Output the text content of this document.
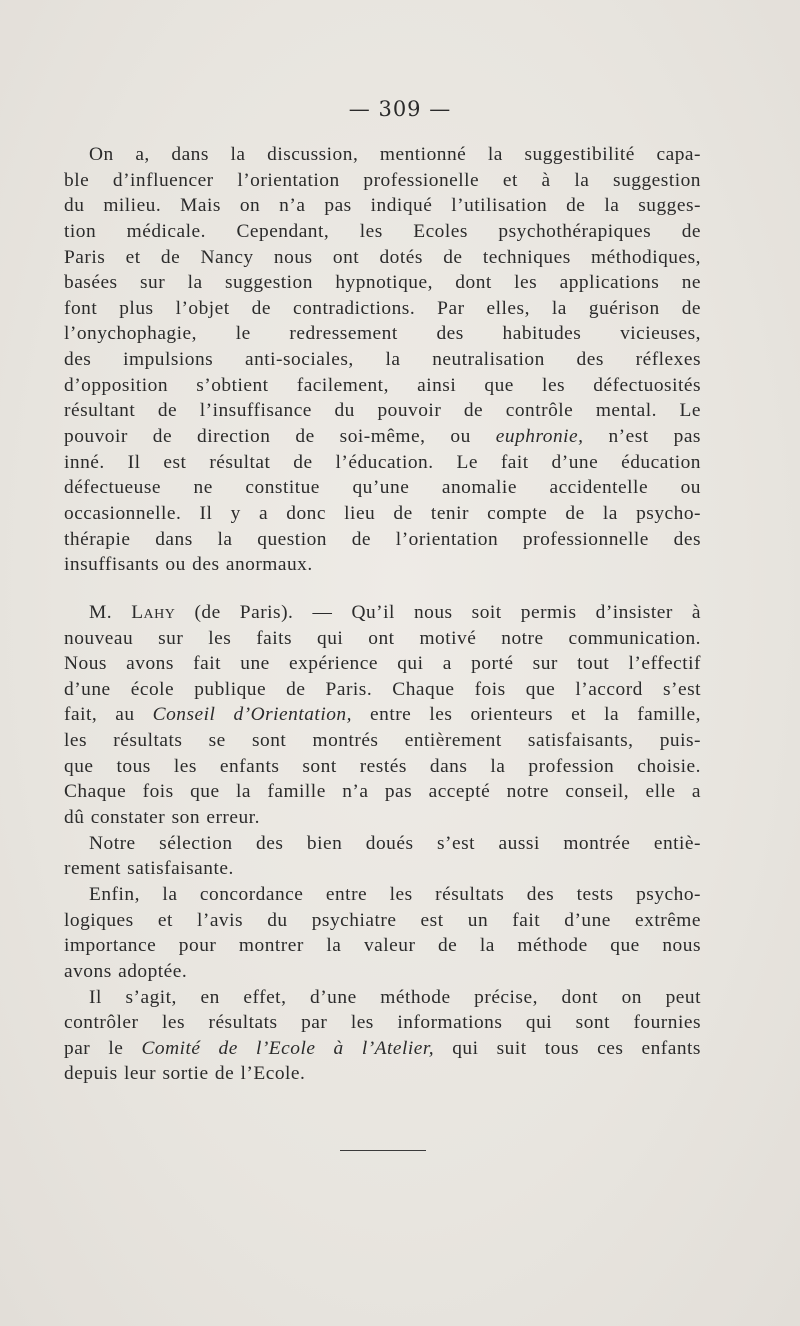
— 309 —
On a, dans la discussion, mentionné la suggestibilité capa-
ble d’influencer l’orientation professionelle et à la suggestion
du milieu. Mais on n’a pas indiqué l’utilisation de la sugges-
tion médicale. Cependant, les Ecoles psychothérapiques de
Paris et de Nancy nous ont dotés de techniques méthodiques,
basées sur la suggestion hypnotique, dont les applications ne
font plus l’objet de contradictions. Par elles, la guérison de
l’onychophagie, le redressement des habitudes vicieuses,
des impulsions anti-sociales, la neutralisation des réflexes
d’opposition s’obtient facilement, ainsi que les défectuosités
résultant de l’insuffisance du pouvoir de contrôle mental. Le
pouvoir de direction de soi-même, ou euphronie, n’est pas
inné. Il est résultat de l’éducation. Le fait d’une éducation
défectueuse ne constitue qu’une anomalie accidentelle ou
occasionnelle. Il y a donc lieu de tenir compte de la psycho-
thérapie dans la question de l’orientation professionnelle des
insuffisants ou des anormaux.
M. Lahy (de Paris). — Qu’il nous soit permis d’insister à
nouveau sur les faits qui ont motivé notre communication.
Nous avons fait une expérience qui a porté sur tout l’effectif
d’une école publique de Paris. Chaque fois que l’accord s’est
fait, au Conseil d’Orientation, entre les orienteurs et la famille,
les résultats se sont montrés entièrement satisfaisants, puis-
que tous les enfants sont restés dans la profession choisie.
Chaque fois que la famille n’a pas accepté notre conseil, elle a
dû constater son erreur.
Notre sélection des bien doués s’est aussi montrée entiè-
rement satisfaisante.
Enfin, la concordance entre les résultats des tests psycho-
logiques et l’avis du psychiatre est un fait d’une extrême
importance pour montrer la valeur de la méthode que nous
avons adoptée.
Il s’agit, en effet, d’une méthode précise, dont on peut
contrôler les résultats par les informations qui sont fournies
par le Comité de l’Ecole à l’Atelier, qui suit tous ces enfants
depuis leur sortie de l’Ecole.
